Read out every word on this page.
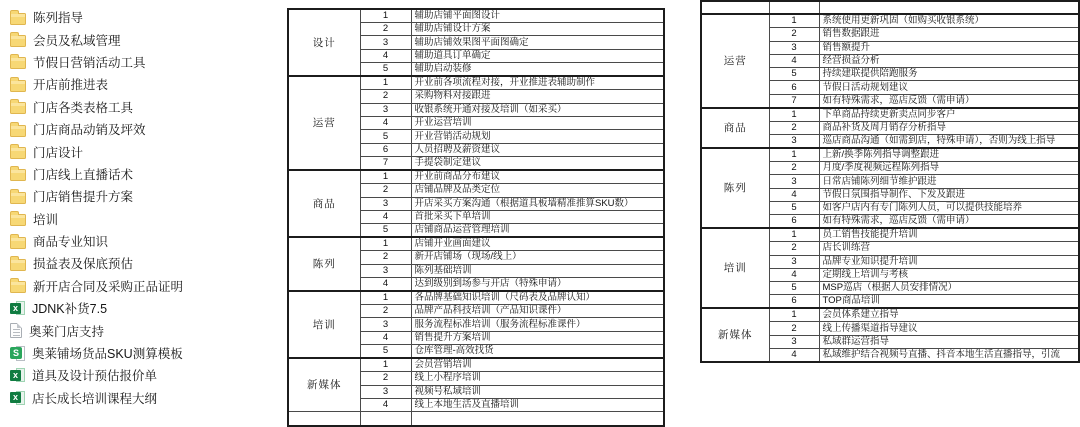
陈列指导
会员及私域管理
节假日营销活动工具
开店前推进表
门店各类表格工具
门店商品动销及坪效
门店设计
门店线上直播话术
门店销售提升方案
培训
商品专业知识
损益表及保底预估
新开店合同及采购正品证明
x JDNK补货7.5
奥莱门店支持
S 奥莱铺场货品SKU测算模板
x 道具及设计预估报价单
x 店长成长培训课程大纲
设计	1	辅助店铺平面图设计
	2	辅助店铺设计方案
	3	辅助店铺效果图平面图确定
	4	辅助道具订单确定
	5	辅助启动装修
运营	1	开业前各项流程对接，开业推进表辅助制作
	2	采购物料对接跟进
	3	收银系统开通对接及培训（如采买）
	4	开业运营培训
	5	开业营销活动规划
	6	人员招聘及薪资建议
	7	手提袋制定建议
商品	1	开业前商品分布建议
	2	店铺品牌及品类定位
	3	开店采买方案沟通（根据道具板墙精准推算SKU数）
	4	首批采买下单培训
	5	店铺商品运营管理培训
陈列	1	店铺开业画面建议
	2	新开店铺场（现场/线上）
	3	陈列基础培训
	4	达到级别到场参与开店（特殊申请）
培训	1	各品牌基础知识培训（尺码表及品牌认知）
	2	品牌产品科技培训（产品知识课件）
	3	服务流程标准培训（服务流程标准课件）
	4	销售提升方案培训
	5	仓库管理-高效找货
新媒体	1	会员营销培训
	2	线上小程序培训
	3	视频号私域培训
	4	线上本地生活及直播培训

运营	1	系统使用更新巩固（如购买收银系统）
	2	销售数据跟进
	3	销售额提升
	4	经营损益分析
	5	持续建联提供陪跑服务
	6	节假日活动规划建议
	7	如有特殊需求，巡店反馈（需申请）
商品	1	下单商品持续更新卖点同步客户
	2	商品补货及周月销存分析指导
	3	巡店商品沟通（如需到店，特殊申请），否则为线上指导
陈列	1	上新/换季陈列指导调整跟进
	2	月度/季度视频远程陈列指导
	3	日常店铺陈列细节维护跟进
	4	节假日氛围指导制作、下发及跟进
	5	如客户店内有专门陈列人员，可以提供技能培养
	6	如有特殊需求，巡店反馈（需申请）
培训	1	员工销售技能提升培训
	2	店长训练营
	3	品牌专业知识提升培训
	4	定期线上培训与考核
	5	MSP巡店（根据人员安排情况）
	6	TOP商品培训
新媒体	1	会员体系建立指导
	2	线上传播渠道指导建议
	3	私域群运营指导
	4	私域维护结合视频号直播、抖音本地生活直播指导，引流
